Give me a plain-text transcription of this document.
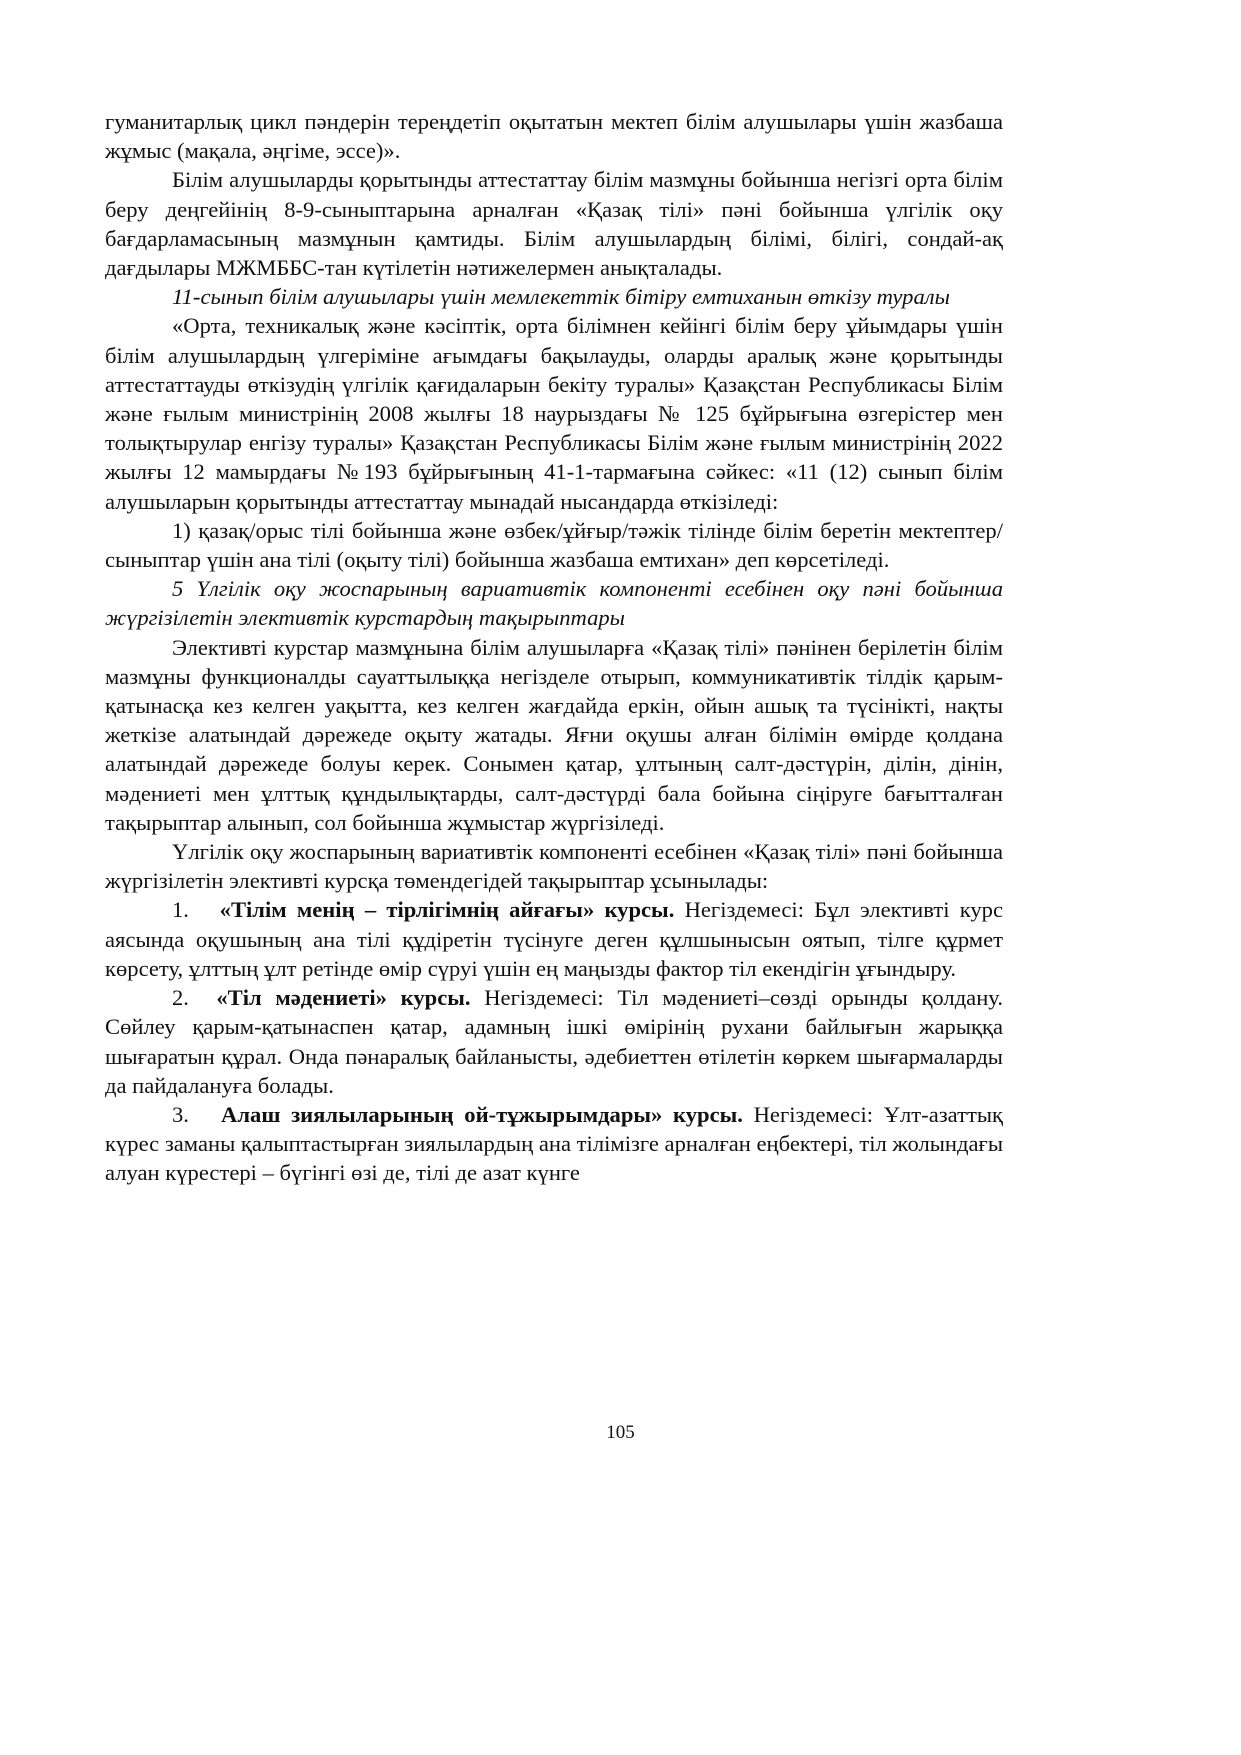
гуманитарлық цикл пәндерін тереңдетіп оқытатын мектеп білім алушылары үшін жазбаша жұмыс (мақала, әңгіме, эссе)».

Білім алушыларды қорытынды аттестаттау білім мазмұны бойынша негізгі орта білім беру деңгейінің 8-9-сыныптарына арналған «Қазақ тілі» пәні бойынша үлгілік оқу бағдарламасының мазмұнын қамтиды. Білім алушылардың білімі, білігі, сондай-ақ дағдылары МЖМББС-тан күтілетін нәтижелермен анықталады.

11-сынып білім алушылары үшін мемлекеттік бітіру емтиханын өткізу туралы

«Орта, техникалық және кәсіптік, орта білімнен кейінгі білім беру ұйымдары үшін білім алушылардың үлгеріміне ағымдағы бақылауды, оларды аралық және қорытынды аттестаттауды өткізудің үлгілік қағидаларын бекіту туралы» Қазақстан Республикасы Білім және ғылым министрінің 2008 жылғы 18 наурыздағы № 125 бұйрығына өзгерістер мен толықтырулар енгізу туралы» Қазақстан Республикасы Білім және ғылым министрінің 2022 жылғы 12 мамырдағы №193 бұйрығының 41-1-тармағына сәйкес: «11 (12) сынып білім алушыларын қорытынды аттестаттау мынадай нысандарда өткізіледі:

1) қазақ/орыс тілі бойынша және өзбек/ұйғыр/тәжік тілінде білім беретін мектептер/сыныптар үшін ана тілі (оқыту тілі) бойынша жазбаша емтихан» деп көрсетіледі.

5 Үлгілік оқу жоспарының вариативтік компоненті есебінен оқу пәні бойынша жүргізілетін элективтік курстардың тақырыптары

Элективті курстар мазмұнына білім алушыларға «Қазақ тілі» пәнінен берілетін білім мазмұны функционалды сауаттылыққа негізделе отырып, коммуникативтік тілдік қарым-қатынасқа кез келген уақытта, кез келген жағдайда еркін, ойын ашық та түсінікті, нақты жеткізе алатындай дәрежеде оқыту жатады. Яғни оқушы алған білімін өмірде қолдана алатындай дәрежеде болуы керек. Сонымен қатар, ұлтының салт-дәстүрін, ділін, дінін, мәдениеті мен ұлттық құндылықтарды, салт-дәстүрді бала бойына сіңіруге бағытталған тақырыптар алынып, сол бойынша жұмыстар жүргізіледі.

Үлгілік оқу жоспарының вариативтік компоненті есебінен «Қазақ тілі» пәні бойынша жүргізілетін элективті курсқа төмендегідей тақырыптар ұсынылады:

1. «Тілім менің – тірлігімнің айғағы» курсы. Негіздемесі: Бұл элективті курс аясында оқушының ана тілі құдіретін түсінуге деген құлшынысын оятып, тілге құрмет көрсету, ұлттың ұлт ретінде өмір сүруі үшін ең маңызды фактор тіл екендігін ұғындыру.

2. «Тіл мәдениеті» курсы. Негіздемесі: Тіл мәдениеті–сөзді орынды қолдану. Сөйлеу қарым-қатынаспен қатар, адамның ішкі өмірінің рухани байлығын жарыққа шығаратын құрал. Онда пәнаралық байланысты, әдебиеттен өтілетін көркем шығармаларды да пайдалануға болады.

3. Алаш зиялыларының ой-тұжырымдары» курсы. Негіздемесі: Ұлт-азаттық күрес заманы қалыптастырған зиялылардың ана тілімізге арналған еңбектері, тіл жолындағы алуан күрестері – бүгінгі өзі де, тілі де азат күнге

105
